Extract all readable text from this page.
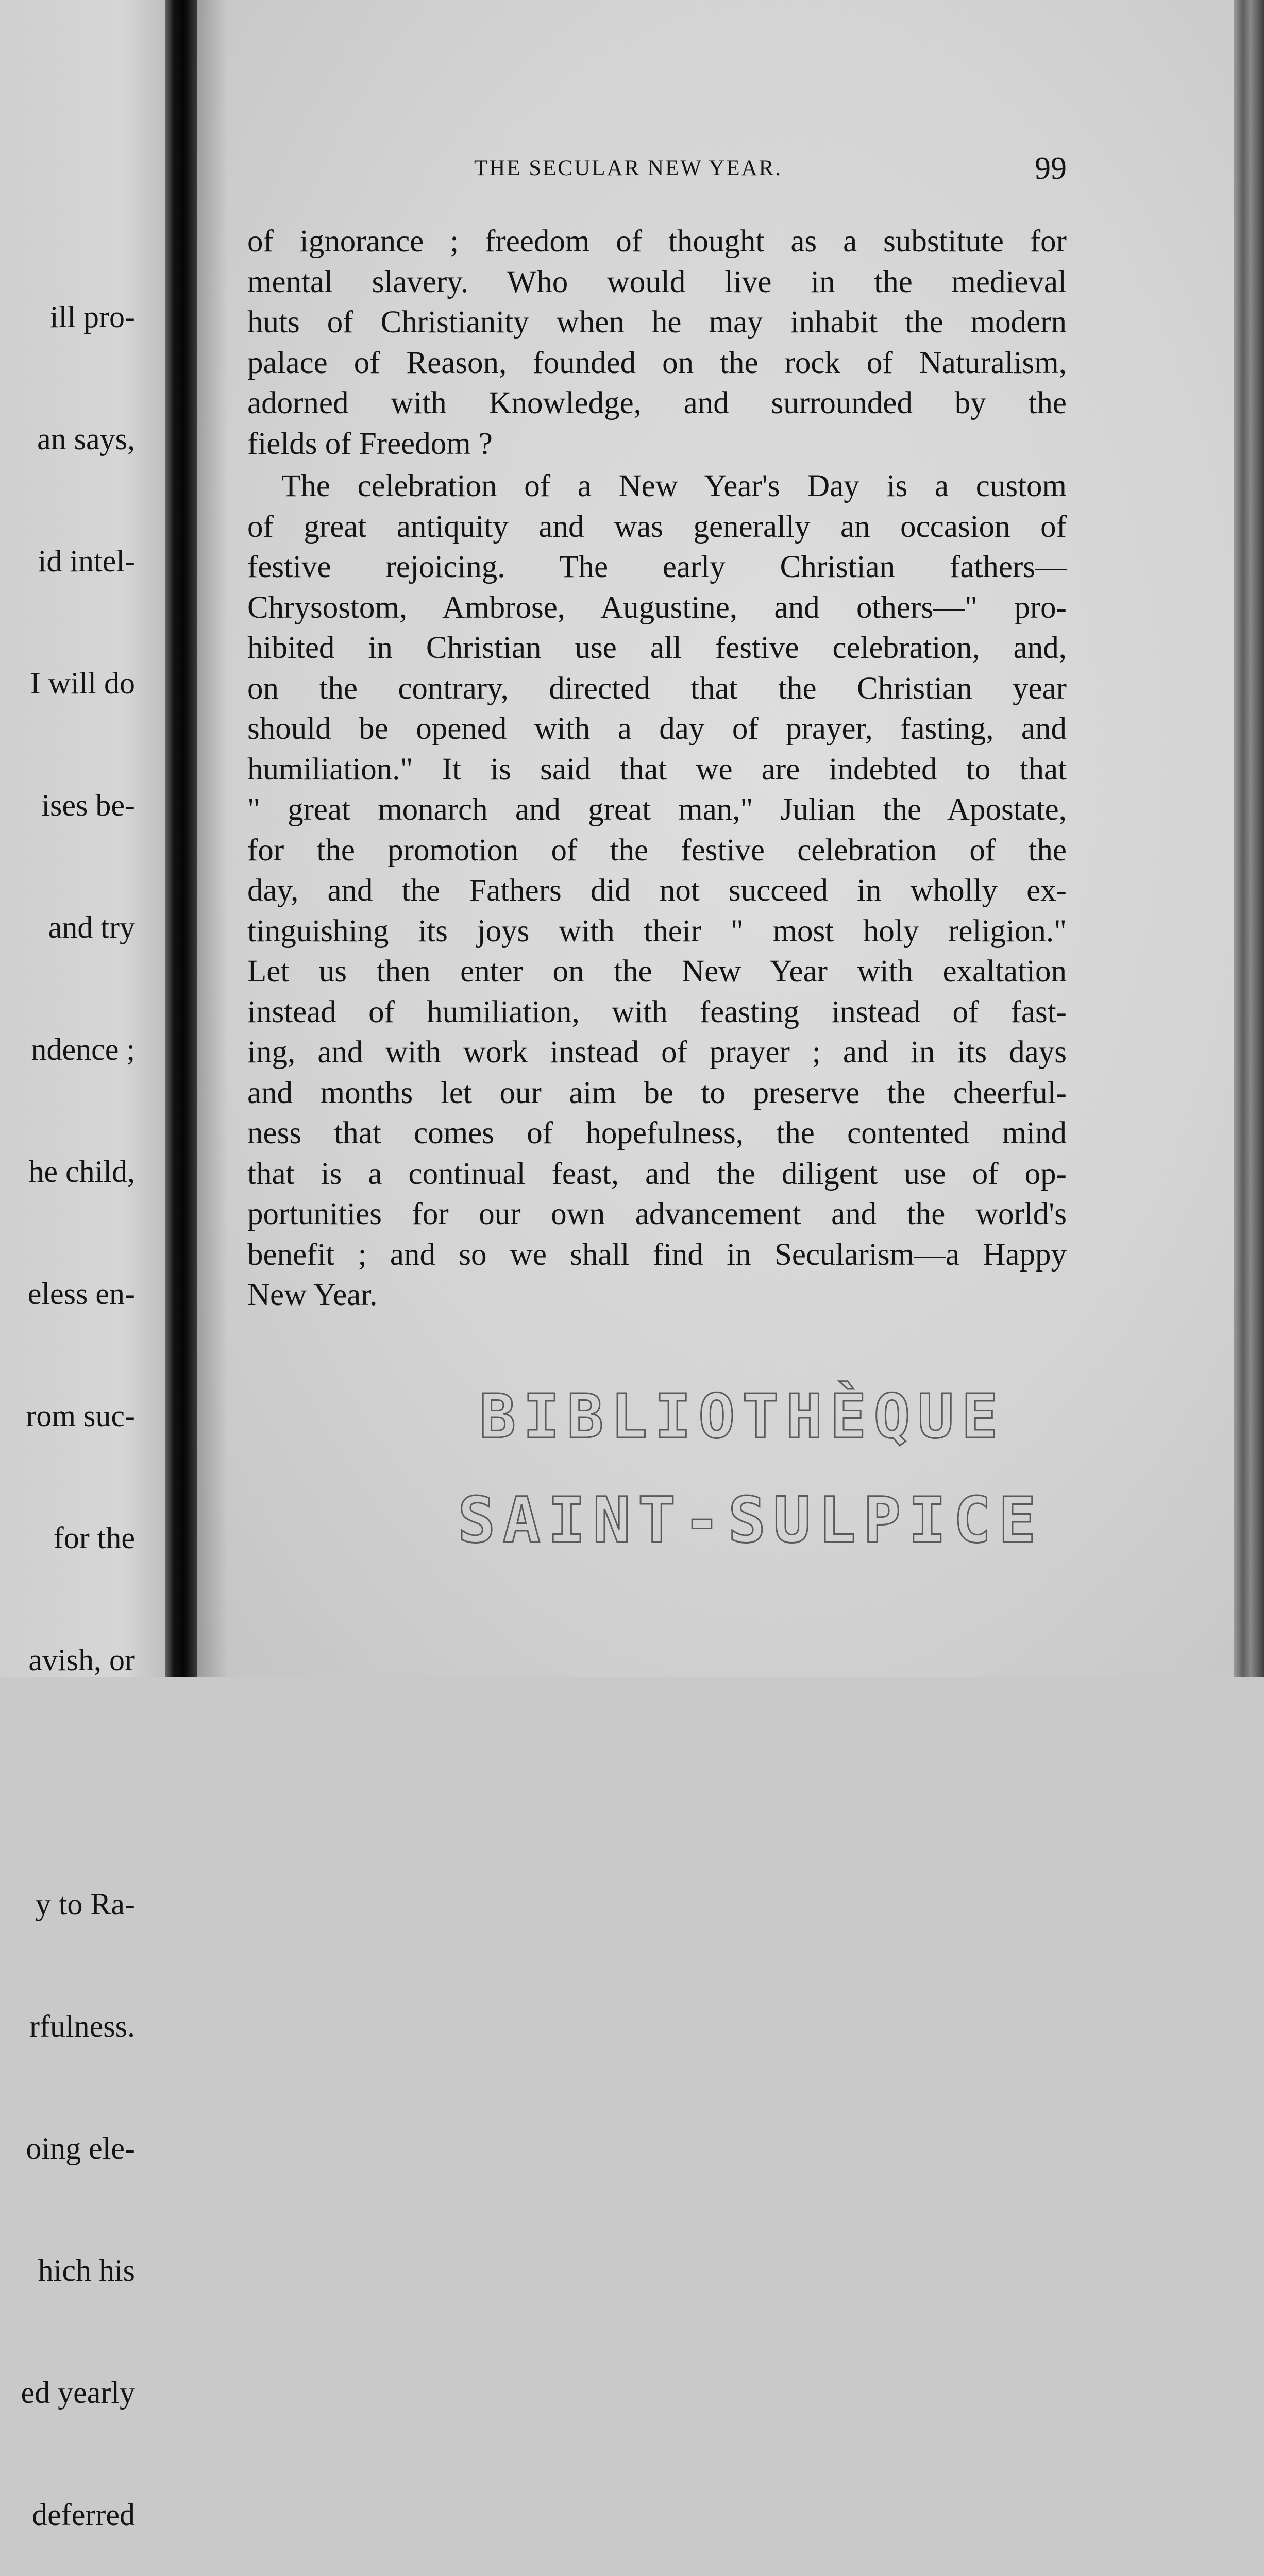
ill pro-

an says,

id intel-

I will do

ises be-

and try

ndence ;

he child,

eless en-

rom suc-

for the

avish, or

y to Ra-

rfulness.

oing ele-

hich his

ed yearly

deferred

THE SECULAR NEW YEAR.	99
of ignorance ; freedom of thought as a substitute for
mental slavery. Who would live in the medieval
huts of Christianity when he may inhabit the modern
palace of Reason, founded on the rock of Naturalism,
adorned with Knowledge, and surrounded by the
fields of Freedom ?
The celebration of a New Year's Day is a custom
of great antiquity and was generally an occasion of
festive rejoicing. The early Christian fathers—
Chrysostom, Ambrose, Augustine, and others—" pro-
hibited in Christian use all festive celebration, and,
on the contrary, directed that the Christian year
should be opened with a day of prayer, fasting, and
humiliation." It is said that we are indebted to that
" great monarch and great man," Julian the Apostate,
for the promotion of the festive celebration of the
day, and the Fathers did not succeed in wholly ex-
tinguishing its joys with their " most holy religion."
Let us then enter on the New Year with exaltation
instead of humiliation, with feasting instead of fast-
ing, and with work instead of prayer ; and in its days
and months let our aim be to preserve the cheerful-
ness that comes of hopefulness, the contented mind
that is a continual feast, and the diligent use of op-
portunities for our own advancement and the world's
benefit ; and so we shall find in Secularism—a Happy
New Year.
BIBLIOTHÈQUE
SAINT-SULPICE
